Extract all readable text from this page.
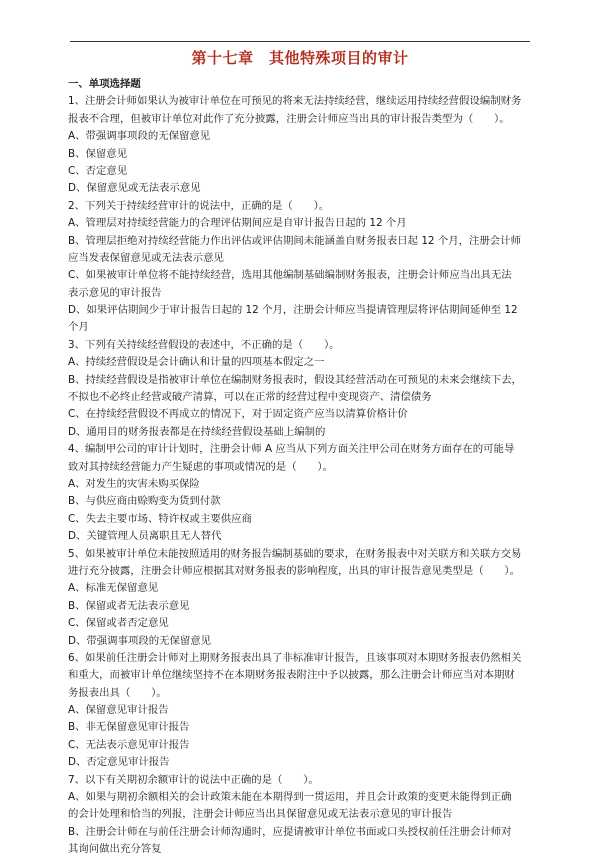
第十七章　其他特殊项目的审计
一、单项选择题
1、注册会计师如果认为被审计单位在可预见的将来无法持续经营，继续运用持续经营假设编制财务
报表不合理，但被审计单位对此作了充分披露，注册会计师应当出具的审计报告类型为（　　）。
A、带强调事项段的无保留意见
B、保留意见
C、否定意见
D、保留意见或无法表示意见
2、下列关于持续经营审计的说法中，正确的是（　　）。
A、管理层对持续经营能力的合理评估期间应是自审计报告日起的 12 个月
B、管理层拒绝对持续经营能力作出评估或评估期间未能涵盖自财务报表日起 12 个月，注册会计师
应当发表保留意见或无法表示意见
C、如果被审计单位将不能持续经营，选用其他编制基础编制财务报表，注册会计师应当出具无法
表示意见的审计报告
D、如果评估期间少于审计报告日起的 12 个月，注册会计师应当提请管理层将评估期间延伸至 12
个月
3、下列有关持续经营假设的表述中，不正确的是（　　）。
A、持续经营假设是会计确认和计量的四项基本假定之一
B、持续经营假设是指被审计单位在编制财务报表时，假设其经营活动在可预见的未来会继续下去，
不拟也不必终止经营或破产清算，可以在正常的经营过程中变现资产、清偿债务
C、在持续经营假设不再成立的情况下，对于固定资产应当以清算价格计价
D、通用目的财务报表都是在持续经营假设基础上编制的
4、编制甲公司的审计计划时，注册会计师 A 应当从下列方面关注甲公司在财务方面存在的可能导
致对其持续经营能力产生疑虑的事项或情况的是（　　）。
A、对发生的灾害未购买保险
B、与供应商由赊购变为货到付款
C、失去主要市场、特许权或主要供应商
D、关键管理人员离职且无人替代
5、如果被审计单位未能按照适用的财务报告编制基础的要求，在财务报表中对关联方和关联方交易
进行充分披露，注册会计师应根据其对财务报表的影响程度，出具的审计报告意见类型是（　　）。
A、标准无保留意见
B、保留或者无法表示意见
C、保留或者否定意见
D、带强调事项段的无保留意见
6、如果前任注册会计师对上期财务报表出具了非标准审计报告，且该事项对本期财务报表仍然相关
和重大，而被审计单位继续坚持不在本期财务报表附注中予以披露，那么注册会计师应当对本期财
务报表出具（　　）。
A、保留意见审计报告
B、非无保留意见审计报告
C、无法表示意见审计报告
D、否定意见审计报告
7、以下有关期初余额审计的说法中正确的是（　　）。
A、如果与期初余额相关的会计政策未能在本期得到一贯运用，并且会计政策的变更未能得到正确
的会计处理和恰当的列报，注册会计师应当出具保留意见或无法表示意见的审计报告
B、注册会计师在与前任注册会计师沟通时，应提请被审计单位书面或口头授权前任注册会计师对
其询问做出充分答复
